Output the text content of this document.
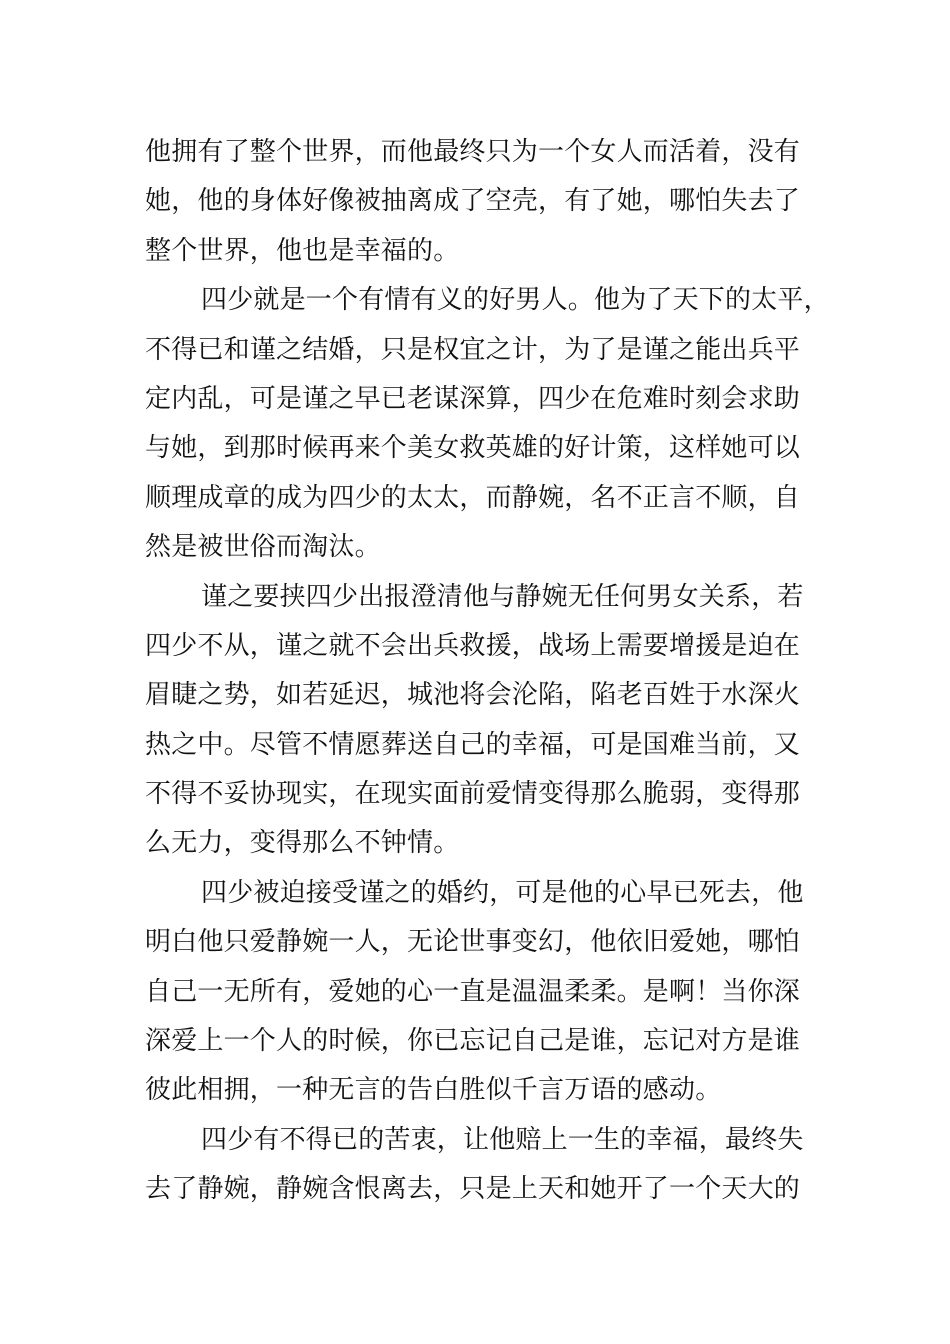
他拥有了整个世界，而他最终只为一个女人而活着，没有
她，他的身体好像被抽离成了空壳，有了她，哪怕失去了
整个世界，他也是幸福的。
四少就是一个有情有义的好男人。他为了天下的太平，
不得已和谨之结婚，只是权宜之计，为了是谨之能出兵平
定内乱，可是谨之早已老谋深算，四少在危难时刻会求助
与她，到那时候再来个美女救英雄的好计策，这样她可以
顺理成章的成为四少的太太，而静婉，名不正言不顺，自
然是被世俗而淘汰。
谨之要挟四少出报澄清他与静婉无任何男女关系，若
四少不从，谨之就不会出兵救援，战场上需要增援是迫在
眉睫之势，如若延迟，城池将会沦陷，陷老百姓于水深火
热之中。尽管不情愿葬送自己的幸福，可是国难当前，又
不得不妥协现实，在现实面前爱情变得那么脆弱，变得那
么无力，变得那么不钟情。
四少被迫接受谨之的婚约，可是他的心早已死去，他
明白他只爱静婉一人，无论世事变幻，他依旧爱她，哪怕
自己一无所有，爱她的心一直是温温柔柔。是啊！当你深
深爱上一个人的时候，你已忘记自己是谁，忘记对方是谁
彼此相拥，一种无言的告白胜似千言万语的感动。
四少有不得已的苦衷，让他赔上一生的幸福，最终失
去了静婉，静婉含恨离去，只是上天和她开了一个天大的
